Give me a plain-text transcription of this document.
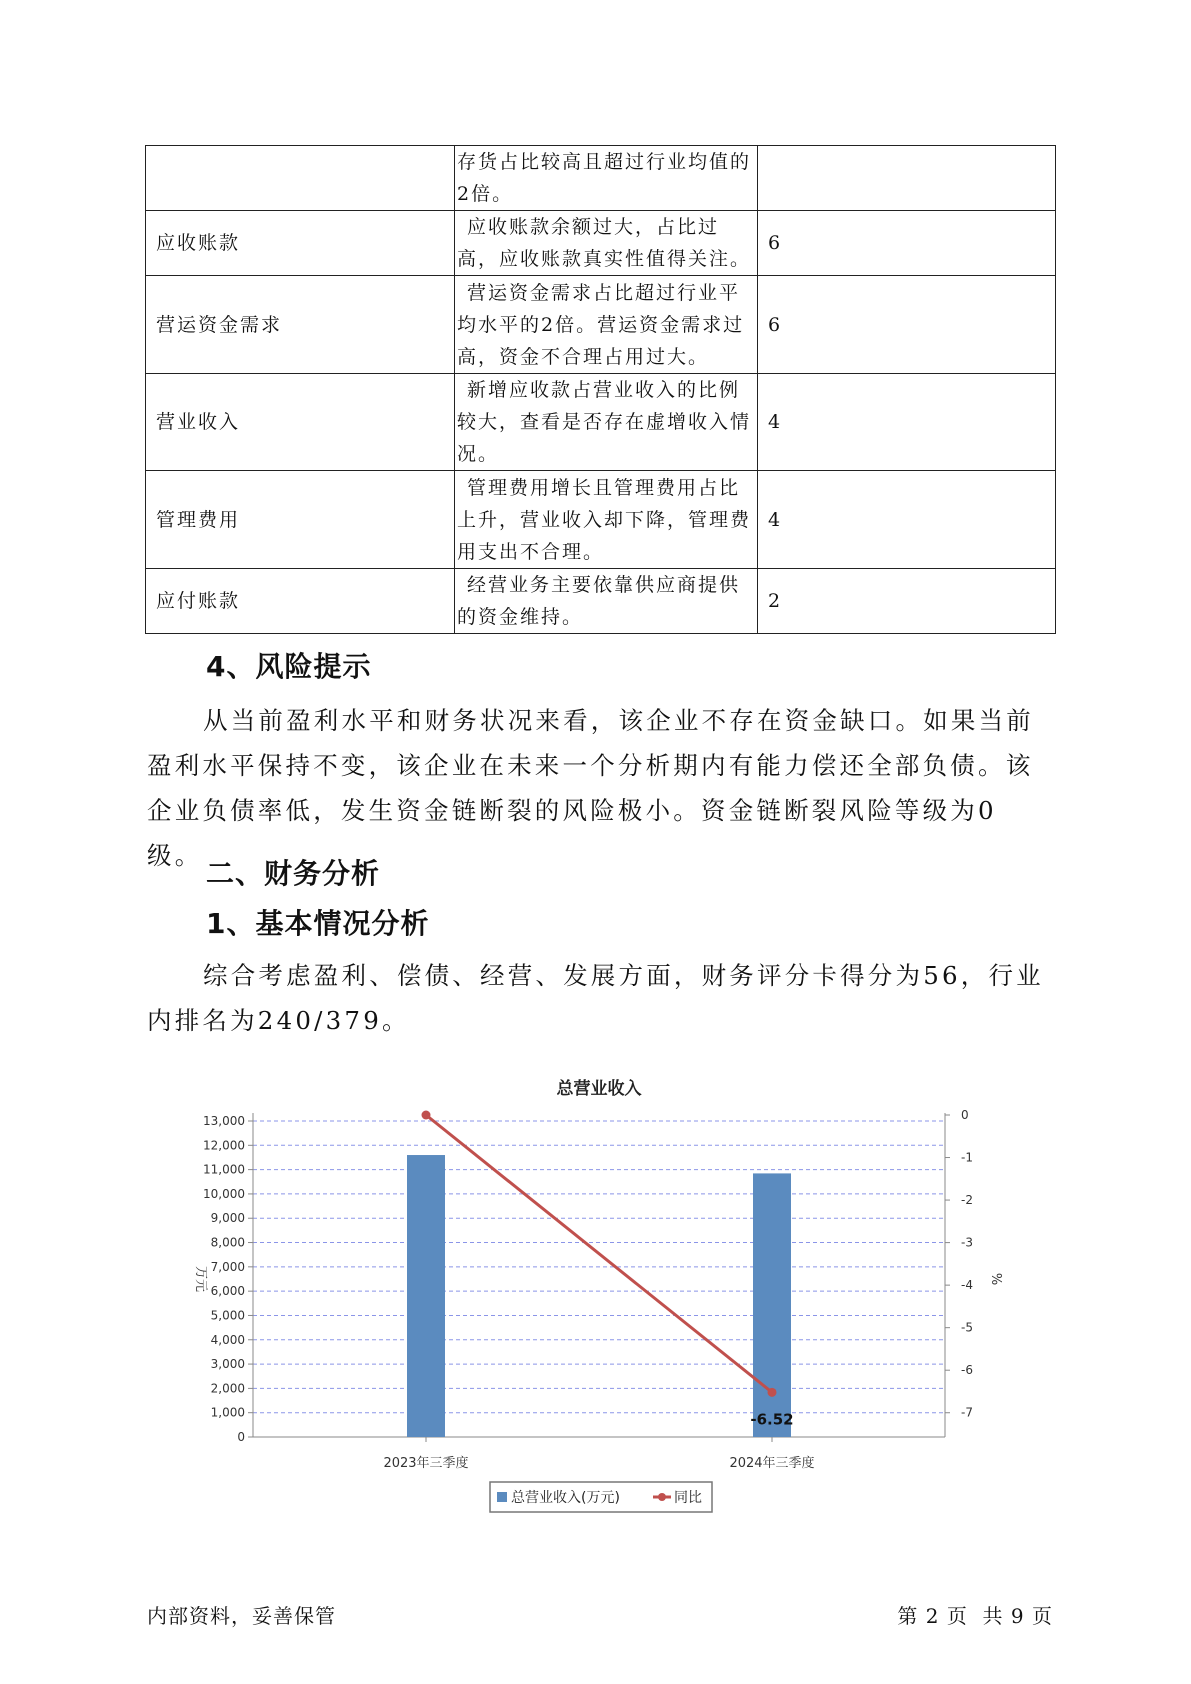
	存货占比较高且超过行业均值的2倍。	
应收账款	应收账款余额过大，占比过高，应收账款真实性值得关注。	6
营运资金需求	营运资金需求占比超过行业平均水平的2倍。营运资金需求过高，资金不合理占用过大。	6
营业收入	新增应收款占营业收入的比例较大，查看是否存在虚增收入情况。	4
管理费用	管理费用增长且管理费用占比上升，营业收入却下降，管理费用支出不合理。	4
应付账款	经营业务主要依靠供应商提供的资金维持。	2
4、风险提示
从当前盈利水平和财务状况来看，该企业不存在资金缺口。如果当前盈利水平保持不变，该企业在未来一个分析期内有能力偿还全部负债。该企业负债率低，发生资金链断裂的风险极小。资金链断裂风险等级为0级。
二、财务分析
1、基本情况分析
综合考虑盈利、偿债、经营、发展方面，财务评分卡得分为56，行业内排名为240/379。
总营业收入
0
1,000
2,000
3,000
4,000
5,000
6,000
7,000
8,000
9,000
10,000
11,000
12,000
13,000	0
-1
-2
-3
-4
-5
-6
-7
万元	%
2023年三季度	2024年三季度
-6.52
总营业收入(万元)	同比
内部资料，妥善保管	第 2 页  共 9 页
